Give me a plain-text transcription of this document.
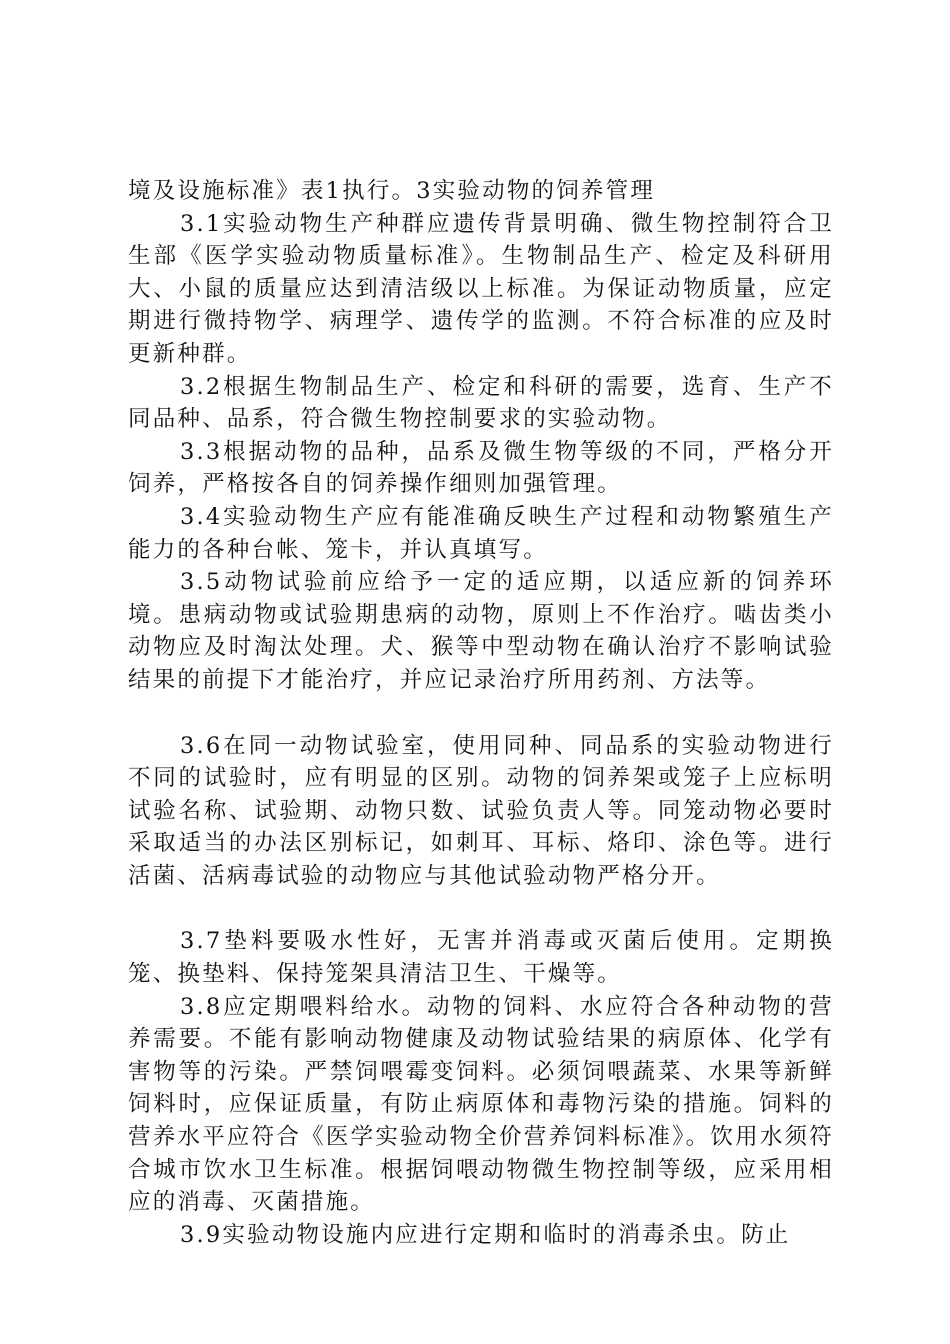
境及设施标准》表1执行。3实验动物的饲养管理

3.1实验动物生产种群应遗传背景明确、微生物控制符合卫生部《医学实验动物质量标准》。生物制品生产、检定及科研用大、小鼠的质量应达到清洁级以上标准。为保证动物质量，应定期进行微持物学、病理学、遗传学的监测。不符合标准的应及时更新种群。

3.2根据生物制品生产、检定和科研的需要，选育、生产不同品种、品系，符合微生物控制要求的实验动物。

3.3根据动物的品种，品系及微生物等级的不同，严格分开饲养，严格按各自的饲养操作细则加强管理。

3.4实验动物生产应有能准确反映生产过程和动物繁殖生产能力的各种台帐、笼卡，并认真填写。

3.5动物试验前应给予一定的适应期，以适应新的饲养环境。患病动物或试验期患病的动物，原则上不作治疗。啮齿类小动物应及时淘汰处理。犬、猴等中型动物在确认治疗不影响试验结果的前提下才能治疗，并应记录治疗所用药剂、方法等。

3.6在同一动物试验室，使用同种、同品系的实验动物进行不同的试验时，应有明显的区别。动物的饲养架或笼子上应标明试验名称、试验期、动物只数、试验负责人等。同笼动物必要时采取适当的办法区别标记，如刺耳、耳标、烙印、涂色等。进行活菌、活病毒试验的动物应与其他试验动物严格分开。

3.7垫料要吸水性好，无害并消毒或灭菌后使用。定期换笼、换垫料、保持笼架具清洁卫生、干燥等。

3.8应定期喂料给水。动物的饲料、水应符合各种动物的营养需要。不能有影响动物健康及动物试验结果的病原体、化学有害物等的污染。严禁饲喂霉变饲料。必须饲喂蔬菜、水果等新鲜饲料时，应保证质量，有防止病原体和毒物污染的措施。饲料的营养水平应符合《医学实验动物全价营养饲料标准》。饮用水须符合城市饮水卫生标准。根据饲喂动物微生物控制等级，应采用相应的消毒、灭菌措施。

3.9实验动物设施内应进行定期和临时的消毒杀虫。防止
